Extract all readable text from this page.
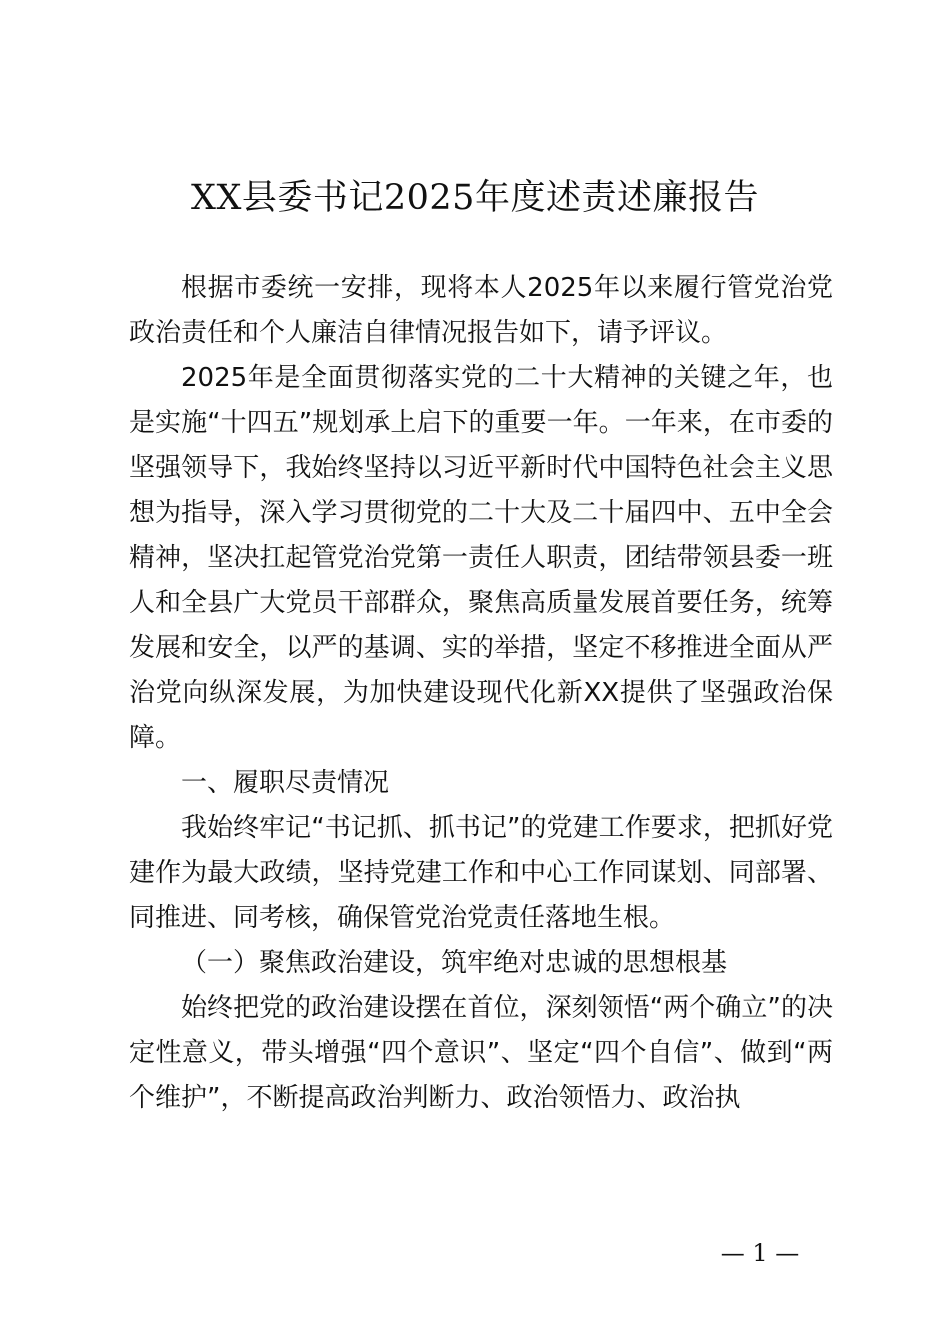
XX县委书记2025年度述责述廉报告

根据市委统一安排，现将本人2025年以来履行管党治党政治责任和个人廉洁自律情况报告如下，请予评议。

2025年是全面贯彻落实党的二十大精神的关键之年，也是实施“十四五”规划承上启下的重要一年。一年来，在市委的坚强领导下，我始终坚持以习近平新时代中国特色社会主义思想为指导，深入学习贯彻党的二十大及二十届四中、五中全会精神，坚决扛起管党治党第一责任人职责，团结带领县委一班人和全县广大党员干部群众，聚焦高质量发展首要任务，统筹发展和安全，以严的基调、实的举措，坚定不移推进全面从严治党向纵深发展，为加快建设现代化新XX提供了坚强政治保障。

一、履职尽责情况

我始终牢记“书记抓、抓书记”的党建工作要求，把抓好党建作为最大政绩，坚持党建工作和中心工作同谋划、同部署、同推进、同考核，确保管党治党责任落地生根。

（一）聚焦政治建设，筑牢绝对忠诚的思想根基

始终把党的政治建设摆在首位，深刻领悟“两个确立”的决定性意义，带头增强“四个意识”、坚定“四个自信”、做到“两个维护”，不断提高政治判断力、政治领悟力、政治执

— 1 —
